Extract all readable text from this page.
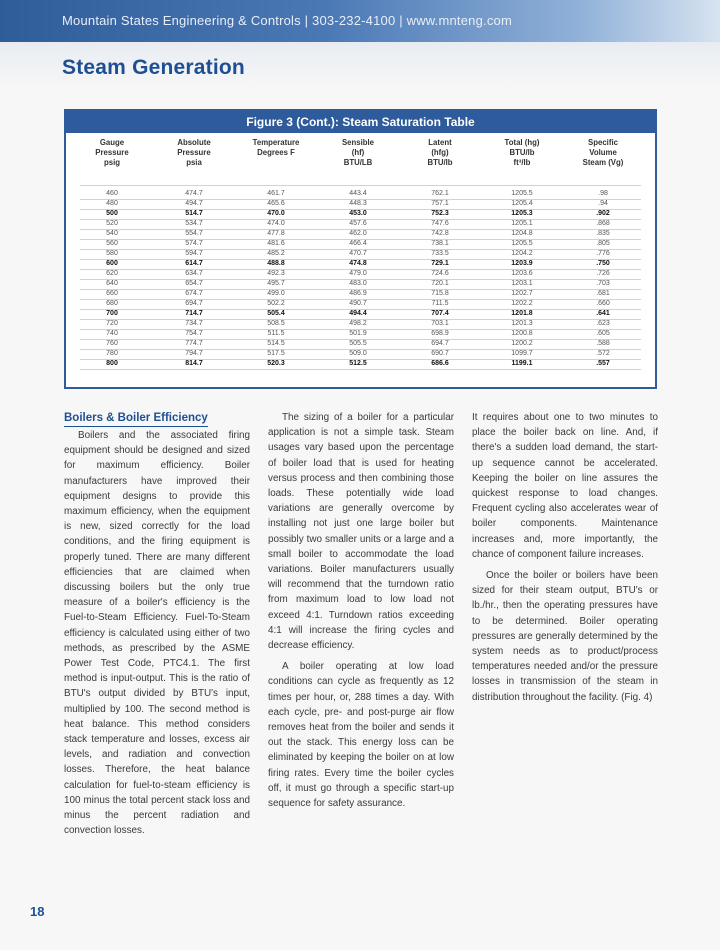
Mountain States Engineering & Controls | 303-232-4100 | www.mnteng.com
Steam Generation
Figure 3 (Cont.): Steam Saturation Table
Gauge
Pressure
psig
Absolute
Pressure
psia
Temperature
Degrees F
Sensible
(hf)
BTU/LB
Latent
(hfg)
BTU/lb
Total (hg)
BTU/lb
ft³/lb
Specific
Volume
Steam (Vg)
460	474.7	461.7	443.4	762.1	1205.5	.98
480	494.7	465.6	448.3	757.1	1205.4	.94
500	514.7	470.0	453.0	752.3	1205.3	.902
520	534.7	474.0	457.6	747.6	1205.1	.868
540	554.7	477.8	462.0	742.8	1204.8	.835
560	574.7	481.6	466.4	738.1	1205.5	.805
580	594.7	485.2	470.7	733.5	1204.2	.776
600	614.7	488.8	474.8	729.1	1203.9	.750
620	634.7	492.3	479.0	724.6	1203.6	.726
640	654.7	495.7	483.0	720.1	1203.1	.703
660	674.7	499.0	486.9	715.8	1202.7	.681
680	694.7	502.2	490.7	711.5	1202.2	.660
700	714.7	505.4	494.4	707.4	1201.8	.641
720	734.7	508.5	498.2	703.1	1201.3	.623
740	754.7	511.5	501.9	698.9	1200.8	.605
760	774.7	514.5	505.5	694.7	1200.2	.588
780	794.7	517.5	509.0	690.7	1099.7	.572
800	814.7	520.3	512.5	686.6	1199.1	.557
Boilers & Boiler Efficiency

Boilers and the associated firing equipment should be designed and sized for maximum efficiency. Boiler manufacturers have improved their equipment designs to provide this maximum efficiency, when the equipment is new, sized correctly for the load conditions, and the firing equipment is properly tuned. There are many different efficiencies that are claimed when discussing boilers but the only true measure of a boiler's efficiency is the Fuel-to-Steam Efficiency. Fuel-To-Steam efficiency is calculated using either of two methods, as prescribed by the ASME Power Test Code, PTC4.1. The first method is input-output. This is the ratio of BTU's output divided by BTU's input, multiplied by 100. The second method is heat balance. This method considers stack temperature and losses, excess air levels, and radiation and convection losses. Therefore, the heat balance calculation for fuel-to-steam efficiency is 100 minus the total percent stack loss and minus the percent radiation and convection losses.

The sizing of a boiler for a particular application is not a simple task. Steam usages vary based upon the percentage of boiler load that is used for heating versus process and then combining those loads. These potentially wide load variations are generally overcome by installing not just one large boiler but possibly two smaller units or a large and a small boiler to accommodate the load variations. Boiler manufacturers usually will recommend that the turndown ratio from maximum load to low load not exceed 4:1. Turndown ratios exceeding 4:1 will increase the firing cycles and decrease efficiency.

A boiler operating at low load conditions can cycle as frequently as 12 times per hour, or, 288 times a day. With each cycle, pre- and post-purge air flow removes heat from the boiler and sends it out the stack. This energy loss can be eliminated by keeping the boiler on at low firing rates. Every time the boiler cycles off, it must go through a specific start-up sequence for safety assurance.

It requires about one to two minutes to place the boiler back on line. And, if there's a sudden load demand, the start-up sequence cannot be accelerated. Keeping the boiler on line assures the quickest response to load changes. Frequent cycling also accelerates wear of boiler components. Maintenance increases and, more importantly, the chance of component failure increases.

Once the boiler or boilers have been sized for their steam output, BTU's or lb./hr., then the operating pressures have to be determined. Boiler operating pressures are generally determined by the system needs as to product/process temperatures needed and/or the pressure losses in transmission of the steam in distribution throughout the facility. (Fig. 4)

18
